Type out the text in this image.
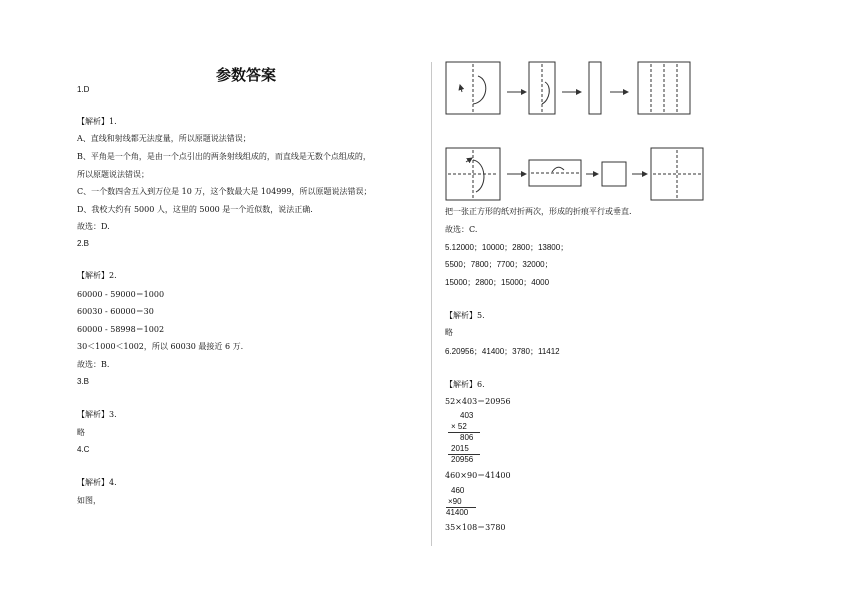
参数答案
1.D
【解析】1.
A、直线和射线都无法度量，所以原题说法错误；
B、平角是一个角，是由一个点引出的两条射线组成的，而直线是无数个点组成的，
所以原题说法错误；
C、一个数四舍五入到万位是 10 万，这个数最大是 104999，所以原题说法错误；
D、我校大约有 5000 人，这里的 5000 是一个近似数，说法正确.
故选：D.
2.B
【解析】2.
60000 - 59000＝1000
60030 - 60000＝30
60000 - 58998＝1002
30＜1000＜1002，所以 60030 最接近 6 万.
故选：B.
3.B
【解析】3.
略
4.C
【解析】4.
如图，
把一张正方形的纸对折两次，形成的折痕平行或垂直.
故选：C.
5.12000；10000；2800；13800；
5500；7800；7700；32000；
15000；2800；15000；4000
【解析】5.
略
6.20956；41400；3780；11412
【解析】6.
52×403＝20956
403
× 52
806
2015
20956
460×90＝41400
460
×90
41400
35×108＝3780
